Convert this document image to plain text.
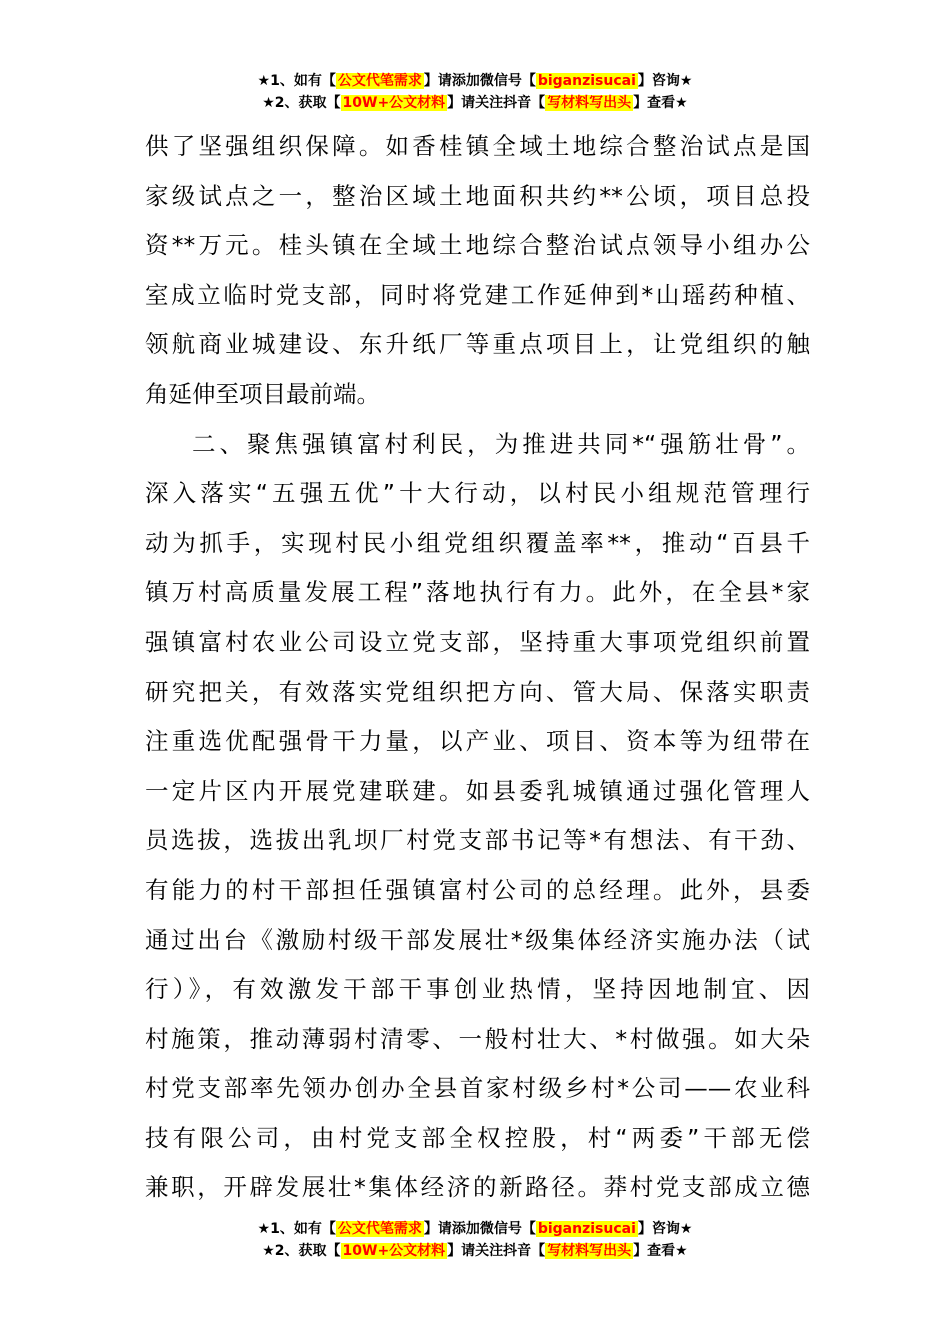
★1、如有【 公文代笔需求 】请添加微信号【 biganzisucai 】咨询★
★2、获取【 10W+公文材料 】请关注抖音【 写材料写出头 】查看★
供了坚强组织保障。如香桂镇全域土地综合整治试点是国
家级试点之一，整治区域土地面积共约**公顷，项目总投
资**万元。桂头镇在全域土地综合整治试点领导小组办公
室成立临时党支部，同时将党建工作延伸到*山瑶药种植、
领航商业城建设、东升纸厂等重点项目上，让党组织的触
角延伸至项目最前端。
二、聚焦强镇富村利民，为推进共同*“强筋壮骨”。
深入落实“五强五优”十大行动，以村民小组规范管理行
动为抓手，实现村民小组党组织覆盖率**，推动“百县千
镇万村高质量发展工程”落地执行有力。此外，在全县*家
强镇富村农业公司设立党支部，坚持重大事项党组织前置
研究把关，有效落实党组织把方向、管大局、保落实职责
注重选优配强骨干力量，以产业、项目、资本等为纽带在
一定片区内开展党建联建。如县委乳城镇通过强化管理人
员选拔，选拔出乳坝厂村党支部书记等*有想法、有干劲、
有能力的村干部担任强镇富村公司的总经理。此外，县委
通过出台《激励村级干部发展壮*级集体经济实施办法（试
行）》，有效激发干部干事创业热情，坚持因地制宜、因
村施策，推动薄弱村清零、一般村壮大、*村做强。如大朵
村党支部率先领办创办全县首家村级乡村*公司——农业科
技有限公司，由村党支部全权控股，村“两委”干部无偿
兼职，开辟发展壮*集体经济的新路径。莽村党支部成立德
★1、如有【 公文代笔需求 】请添加微信号【 biganzisucai 】咨询★
★2、获取【 10W+公文材料 】请关注抖音【 写材料写出头 】查看★
